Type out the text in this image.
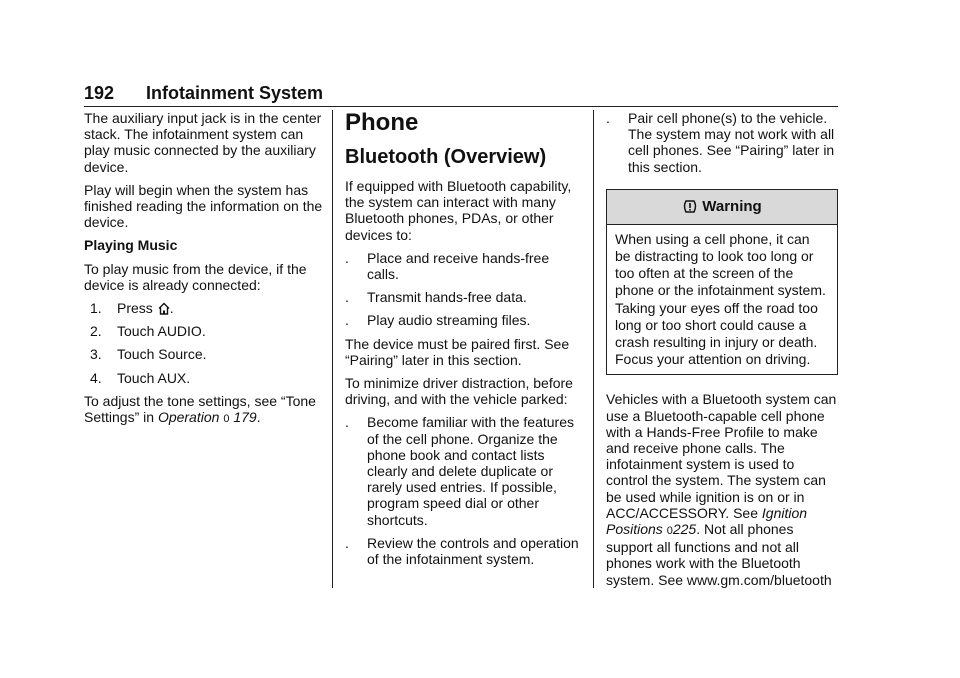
192 Infotainment System

The auxiliary input jack is in the center stack. The infotainment system can play music connected by the auxiliary device.

Play will begin when the system has finished reading the information on the device.

Playing Music

To play music from the device, if the device is already connected:

1. Press .
2. Touch AUDIO.
3. Touch Source.
4. Touch AUX.

To adjust the tone settings, see “Tone Settings” in Operation 0 179.

Phone
Bluetooth (Overview)

If equipped with Bluetooth capability, the system can interact with many Bluetooth phones, PDAs, or other devices to:

. Place and receive hands-free calls.
. Transmit hands-free data.
. Play audio streaming files.

The device must be paired first. See “Pairing” later in this section.

To minimize driver distraction, before driving, and with the vehicle parked:

. Become familiar with the features of the cell phone. Organize the phone book and contact lists clearly and delete duplicate or rarely used entries. If possible, program speed dial or other shortcuts.
. Review the controls and operation of the infotainment system.
. Pair cell phone(s) to the vehicle. The system may not work with all cell phones. See “Pairing” later in this section.
Warning
When using a cell phone, it can be distracting to look too long or too often at the screen of the phone or the infotainment system. Taking your eyes off the road too long or too short could cause a crash resulting in injury or death. Focus your attention on driving.

Vehicles with a Bluetooth system can use a Bluetooth-capable cell phone with a Hands-Free Profile to make and receive phone calls. The infotainment system is used to control the system. The system can be used while ignition is on or in ACC/ACCESSORY. See Ignition Positions 0225. Not all phones support all functions and not all phones work with the Bluetooth system. See www.gm.com/bluetooth
